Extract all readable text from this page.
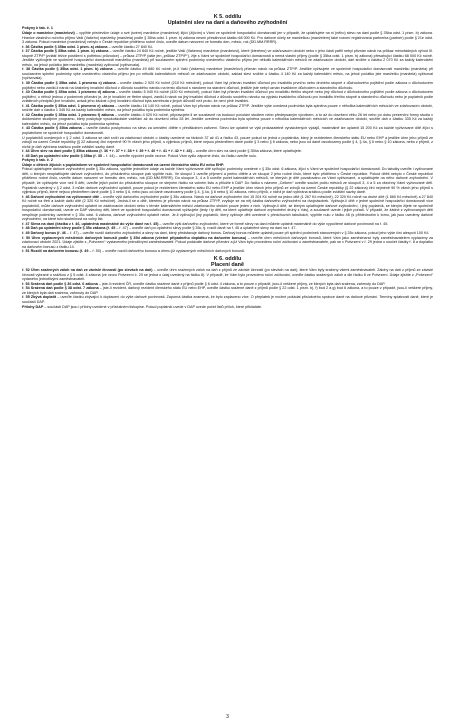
K 5. oddílu
Uplatnění slev na dani a daňového zvýhodnění

Pokyny k tab. č. 1

Údaje o manželce (manželovi) – vyplňte především údaje o své (svém) manželce (manželovi) žijící (žijícím) s Vámi ve společně hospodařící domácnosti jen v případě, že uplatňujete na ni (něho) slevu na dani podle § 35ba odst. 1 písm. b) zákona. Hranice vlastního ročního příjmu Vaší (Vašeho) manželky (manžela) podle § 35ba odst. 1 písm. b) zákona nesmí přesáhnout částku 68 000 Kč. Pro daňové účely se manželkou (manželem) také rozumí registrovaná partnerka (partner) podle § 21e odst. 3 zákona. Pokud manželce (manželovi) nebylo v České republice přiděleno rodné číslo, uveďte datum narození ve formátu den, měsíc, rok (DD.MM.RRRR).

ř. 36 Částka podle § 35ba odst. 1 písm. a) zákona – uveďte částku 27 840 Kč.

ř. 37 Částka podle § 35ba odst. 1 písm. b) zákona – uveďte částku 24 840 Kč ročně, jestliže Vaší (Vašemu) manželce (manželovi), které (kterému) ve zdaňovacím období nebo v jeho části patřil nebyl přiznán nárok na průkaz mimořádných výhod III. stupně ZTP/P (zvlášť těžce postižení s potřebou průvodce) – průkaz ZTP/P (dále jen „průkaz ZTP/P“), žije s Vámi ve společně hospodařící domácnosti a nemá vlastní příjmy (podle § 35ba odst. 1 písm. b) zákona) přesahující částku 68 000 Kč ročně. Jestliže vyživujete ve společně hospodařící domácnosti manželku (manžela) při současném splnění podmínky uvedeného vlastního příjmu jen několik kalendářních měsíců ve zdaňovacím období, daň snížíte o částku 2 070 Kč za každý kalendářní měsíc, na jehož počátku jste manželku (manžela) vyživoval (vyživovala).

ř. 38 Částka podle § 35ba odst. 1 písm. b) zákona – uveďte částku 49 680 Kč ročně, je-li Vaší (Vašemu) manželce (manželovi) přiznán nárok na průkaz ZTP/P. Jestliže vyživujete ve společně hospodařící domácnosti manželku (manžela) při současném splnění podmínky výše uvedeného vlastního příjmu jen po několik kalendářních měsíců ve zdaňovacím období, zaklad sleví snížíte o částku 4 140 Kč za každý kalendářní měsíc, na jehož počátku jste manželku (manžela) vyživoval (vyživovala).

ř. 39 Částka podle § 35ba odst. 1 písmeno c) zákona – uveďte částku 2 520 Kč ročně (210 Kč měsíčně), pokud Vám byl přiznán invalidní důchod pro invaliditu prvního nebo druhého stupně z důchodového pojištění podle zákona o důchodovém pojištění nebo zanikl-li nárok na částečný invalidní důchod z důvodu souběhu nároku na tento důchod s nárokem na starobní důchod, jestliže jste nebyl uznán invalidním důchodem a starobního důchodu.

ř. 40 Částka podle § 35ba odst. 1 písmeno d) zákona – uveďte částku 5 040 Kč ročně (420 Kč měsíčně), pokud Vám byl přiznán invalidní důchod pro invaliditu třetího stupně nebo jiný důchod z důchodového pojištění podle zákona o důchodovém pojištění, u něhož jednou z podmínek přiznání je, že je invalidní ve třetím stupni, zanikl-li nárok na jiný invalidní důchod z důvodu souběhu nároku na výplatu invalidního důchodu pro invaliditu třetího stupně a starobního důchodu nebo je poplatník podle zvláštních předpisů jiné invalidní, avšak jeho žádost o jiný invalidní důchod byla zamítnuta z jiných důvodů než proto, že není plně invalidní.

ř. 41 Částka podle § 35ba odst. 1 písmeno e) zákona – uveďte částku 16 140 Kč ročně, pokud Vám byl přiznán nárok na průkaz ZTP/P. Jestliže výše uvedená podmínka byla splněna pouze v několika kalendářních měsících ve zdaňovacím období, snížíte daň o částku 1 345 Kč za každý kalendářní měsíc, na jehož počátku byla podmínka splněna.

ř. 42 Částka podle § 35ba odst. 1 písmeno f) zákona – uveďte částku 4 020 Kč ročně, připravujete-li se soustavně na budoucí povolání studiem nebo předepsaným výcvikem, a to až do dovršení věku 26 let nebo po dobu prezenční formy studia v doktorském studijním programu, který poskytuje vysokoškolské vzdělání až do dovršení věku 28 let. Jestliže uvedená podmínka byla splněna pouze v několika kalendářních měsících ve zdaňovacím období, snížíte daň o částku 335 Kč za každý kalendářní měsíc, na jehož počátku byla podmínka splněna.

ř. 43 Částka podle § 35ba zákona – uveďte částku poskytnutou na slevu za umístění dítěte v předškolním zařízení. Slevu lze uplatnit ve výši prokazatelně vynaložených výdajů, maximálně lze uplatnit 15 200 Kč za každé vyživované dítě žijící s poplatníkem ve společně hospodařící domácnosti.

U poplatníků uvedených v § 2 odst. 3 zákona se daň sníží za zdaňovací období o částky uvedené na řádcích 37 až 41 a řádku 43, pouze pokud se jedná o poplatníka, který je rezidentem členského státu EU nebo EHP a jestliže úhrn jeho příjmů ze zdrojů na území České republiky (§ 22 zákona) činí nejméně 90 % všech jeho příjmů, s výjimkou příjmů, které nejsou předmětem daně podle § 3 nebo § 6 zákona, nebo jsou od daně osvobozeny podle § 4, § 4a, § 6 nebo § 10 zákona, nebo z příjmů, z nichž je daň vybírána srážkou podle zvláštní sazby daně.

ř. 44 Úhrn slev na dani podle § 35ba zákona (ř. 36 + ř. 37 + ř. 38 + ř. 39 + ř. 40 + ř. 41 + ř. 42 + ř. 43) – uveďte úhrn slev na dani podle § 35ba zákona, které uplatňujete.

ř. 45 Daň po uplatnění slev podle § 35ba (ř. 35 – ř. 44) – uveďte výpočet podle vzorce. Pokud Vám vyšlo záporné číslo, do řádku uveďte nulu.

Pokyny k tab. č. 2

Údaje o dětech žijících s poplatníkem ve společně hospodařící domácnosti na území členského státu EU nebo EHP.

Pokud uplatňujete daňové zvýhodnění podle § 35c zákona, vyplňte jednotlivé údaje za každé Vámi vyživované dítě splňující podmínky uvedené v § 35c odst. 6 zákona, žijící s Vámi ve společně hospodařící domácnosti. Do tabulky uveďte i vyživované děti, u kterých neuplatňujete daňové zvýhodnění, do příslušného sloupce pak vyplňte nulu. Ve sloupci 1 uveďte příjmení a jméno dítěte a ve sloupci 2 jeho rodné číslo, které bylo přiděleno v České republice. Pokud dítěti nebylo v České republice přiděleno rodné číslo, uveďte datum narození ve formátu den, měsíc, rok (DD.MM.RRRR). Do sloupce 3, 4 a 5 uveďte počet kalendářních měsíců, ve kterých je dítě považováno za Vámi vyživované, a uplatňujete na něho daňové zvýhodnění. V případě, že vyživujete více než 5 dětí, uveďte jejich počet do příslušného sloupce ve stejném řádku na volném listu a přiložte k DAP. Do řádku s názvem „Celkem“ uveďte součet počtu měsíců ze sloupců 3, 4 a 5 za všechny Vámi vyživované děti. Poplatník uvedený v § 2 odst. 3 může daňové zvýhodnění uplatnit, pouze pokud je rezidentem členského státu EU nebo EHP a jestliže úhrn všech jeho příjmů ze zdrojů na území České republiky (§ 22 zákona) činí nejméně 90 % všech jeho příjmů s výjimkou příjmů, které nejsou předmětem daně podle § 3 nebo § 6, nebo jsou od daně osvobozeny podle § 4, § 4a, § 6 nebo § 10 zákona, nebo příjmů, z nichž je daň vybírána srážkou podle zvláštní sazby daně.

ř. 46 Daňové zvýhodnění na vyživované dítě – uveďte výši daňového zvýhodnění podle § 35c zákona. Nárok na daňové zvýhodnění činí 15 204 Kč ročně na jedno dítě (1 267 Kč měsíčně), 22 320 Kč ročně na druhé dítě (1 860 Kč měsíčně) a 27 840 Kč ročně na třetí a každé další dítě (2 320 Kč měsíčně). Jedná-li se o dítě, kterému je přiznán nárok na průkaz ZTP/P, zvyšuje se na něj částka daňového zvýhodnění na dvojnásobek. Vyživuje-li dítě v jedné společně hospodařící domácnosti více poplatníků, může daňové zvýhodnění uplatnit ve zdaňovacím období nebo v témže kalendářním měsíci zdaňovacího období pouze jeden z nich. Vyživuje-li dítě, se kterým uplatňujete daňové zvýhodnění, i jiný poplatník, se kterým žijete ve společně hospodařící domácnosti, uvede ve DAP všechny děti, které ve společně hospodařící domácnosti vyživujete (tedy i ty děti, na které uplatňuje daňové zvýhodnění druhý z Vás), a současně uvede i jejich pořadí. V případě, že žádné z vyživovaných dětí nesplňuje podmínky uvedené v § 35c odst. 6 zákona, daňové zvýhodnění uplatnit nelze. Je-li vyživující jiný poplatník, který vyživuje děti uvedené v předchozích tabulkách, vyplňte nulu v řádku 46 (s přihlédnutím k tomu, jak jsou uvedeny daňové zvýhodnění, na které tuto skutečnost na volný list.

ř. 47 Sleva na dani (částka z ř. 46, uplatněná maximálně do výše daně na ř. 45) – uveďte výši daňového zvýhodnění, které ve formě slevy na dani můžete uplatnit maximálně do výše vypočtené daňové povinnosti na ř. 45.

ř. 48 Daň po uplatnění slevy podle § 35c zákona (ř. 45 – ř. 47) – uveďte daň po uplatnění slevy podle § 35c, tj. rozdíl daně na ř. 45 a uplatněné slevy na dani na ř. 47.

ř. 49 Daňový bonus (ř. 46 – ř. 47) – uveďte rozdíl daňového zvýhodnění a slevy na dani, který představuje daňový bonus. Daňový bonus můžete uplatnit pouze při splnění podmínek stanovených v § 35c zákona, pokud jeho výše činí alespoň 100 Kč.

ř. 50 Úhrn vyplacených měsíčních daňových bonusů podle § 35d zákona (včetně případného doplatku na daňovém bonusu) – uveďte úhrn měsíčních daňových bonusů, které Vám jako zaměstnanci byly zaměstnavatelem vyplaceny za zdaňovací období 2021. Údaje zjistíte z „Potvrzení“ vystaveného jednotlivými zaměstnavateli. Pokud podáváte daňové přiznání a již Vám bylo provedeno roční zúčtování u zaměstnavatele, pak se v Potvrzení v ř. 29 jedná o součet částky ř. 8 a doplatku na daňovém bonusu z řádku 14.

ř. 51 Rozdíl na daňovém bonusu (ř. 49 – ř. 50) – uveďte rozdíl daňového bonusu a úhrnu již vyplacených měsíčních daňových bonusů.

K 6. oddílu
Placení daně

ř. 52 Úhrn sražených záloh na daň ze závislé činnosti (po slevách na daň) – uveďte úhrn sražených záloh na daň z příjmů ze závislé činnosti (po slevách na daň), které Vám byly sraženy všemi zaměstnavateli. Zálohy na daň z příjmů ze závislé činnosti vybrané u srážkou z § 5 odst. 4 zákona (ve vzoru Potvrzení č. 29 se jedná o údaj uvedený na řádku 8). V případě, že Vám bylo provedeno roční zúčtování, uveďte částku sražených záloh a dle řádku 8 ve Potvrzení. Údaje zjistíte z „Potvrzení“ vydaného jednotlivými zaměstnavateli.

ř. 53 Sražená daň podle § 36 odst. 6 zákona – jste-li rezident ČR, uveďte částku sražené daně z příjmů podle § 6 odst. 4 zákona, a to pouze v případě, jsou-li veškeré příjmy, ze kterých byla daň sražena, zahrnuty do DAP.

ř. 54 Sražená daň podle § 38 odst. 7 zákona – jste-li rezident, daňový rezident členského státu EU nebo EHP, uveďte částku sražené daně z příjmů podle § 22 odst. 1 písm. b), f) bod 2 a g) bod 6 zákona, a to pouze v případě, jsou-li veškeré příjmy, ze kterých byla daň sražena, zahrnuty do DAP.

ř. 55 Zbývá doplatit – uveďte částku zbývající k doplacení do výše daňové povinnosti. Zaporná částka znamená, že bylo zaplaceno více. O přeplatek je možné požádat příslušného správce daně na daňové přiznání. Termíny splatnosti daně, které je součástí DAP.

Přílohy DAP – součástí DAP jsou i přílohy uvedené v příslušném tiskopise. Pokud poplatník uvede v DAP uvede počet listů příloh, které přikládáte.

3
